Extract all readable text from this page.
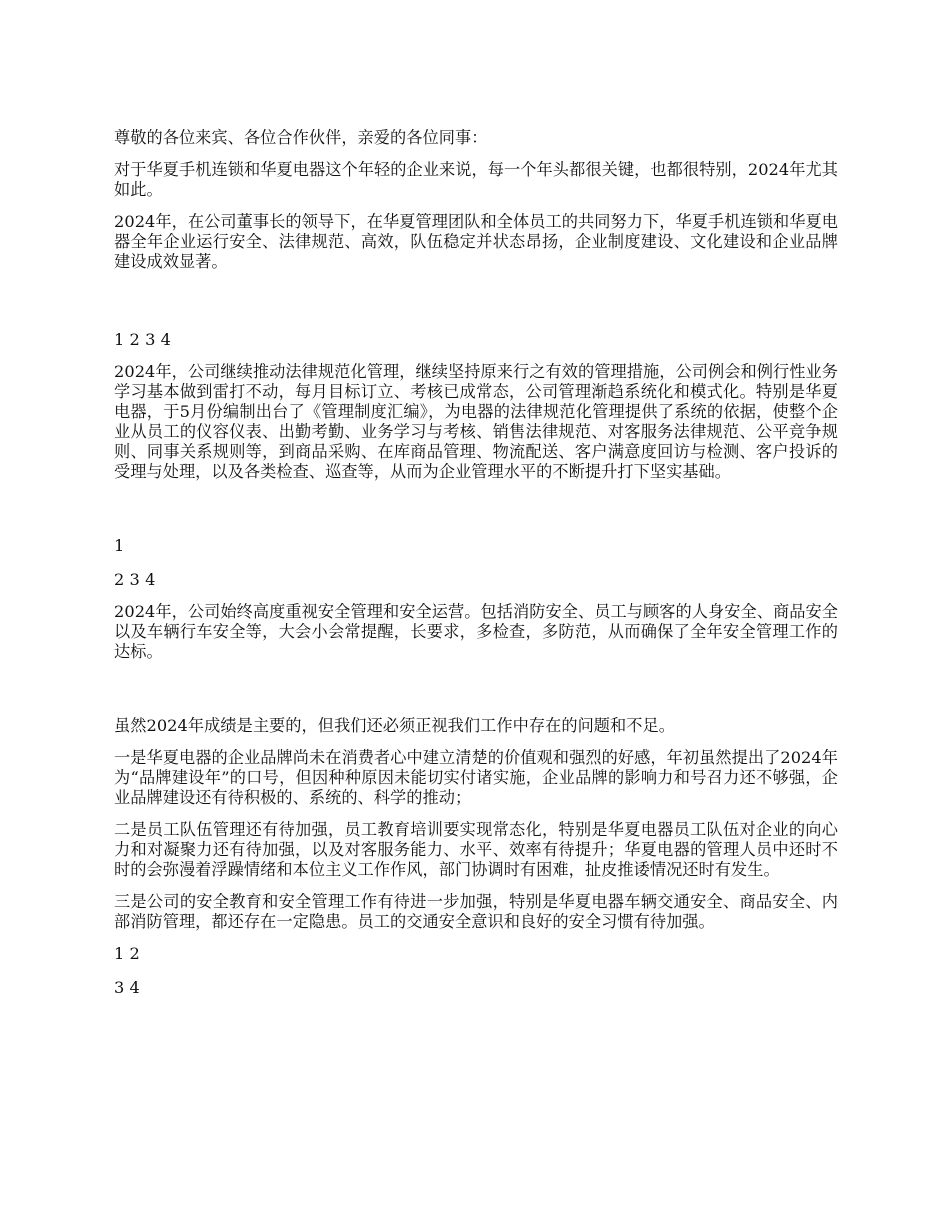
尊敬的各位来宾、各位合作伙伴，亲爱的各位同事：

对于华夏手机连锁和华夏电器这个年轻的企业来说，每一个年头都很关键，也都很特别，2024年尤其如此。

2024年，在公司董事长的领导下，在华夏管理团队和全体员工的共同努力下，华夏手机连锁和华夏电器全年企业运行安全、法律规范、高效，队伍稳定并状态昂扬，企业制度建设、文化建设和企业品牌建设成效显著。

1 2 3 4

2024年，公司继续推动法律规范化管理，继续坚持原来行之有效的管理措施，公司例会和例行性业务学习基本做到雷打不动，每月目标订立、考核已成常态，公司管理渐趋系统化和模式化。特别是华夏电器，于5月份编制出台了《管理制度汇编》，为电器的法律规范化管理提供了系统的依据，使整个企业从员工的仪容仪表、出勤考勤、业务学习与考核、销售法律规范、对客服务法律规范、公平竞争规则、同事关系规则等，到商品采购、在库商品管理、物流配送、客户满意度回访与检测、客户投诉的受理与处理，以及各类检查、巡查等，从而为企业管理水平的不断提升打下坚实基础。

1

2 3 4

2024年，公司始终高度重视安全管理和安全运营。包括消防安全、员工与顾客的人身安全、商品安全以及车辆行车安全等，大会小会常提醒，长要求，多检查，多防范，从而确保了全年安全管理工作的达标。

虽然2024年成绩是主要的，但我们还必须正视我们工作中存在的问题和不足。

一是华夏电器的企业品牌尚未在消费者心中建立清楚的价值观和强烈的好感，年初虽然提出了2024年为“品牌建设年”的口号，但因种种原因未能切实付诸实施，企业品牌的影响力和号召力还不够强，企业品牌建设还有待积极的、系统的、科学的推动；

二是员工队伍管理还有待加强，员工教育培训要实现常态化，特别是华夏电器员工队伍对企业的向心力和对凝聚力还有待加强，以及对客服务能力、水平、效率有待提升；华夏电器的管理人员中还时不时的会弥漫着浮躁情绪和本位主义工作作风，部门协调时有困难，扯皮推诿情况还时有发生。

三是公司的安全教育和安全管理工作有待进一步加强，特别是华夏电器车辆交通安全、商品安全、内部消防管理，都还存在一定隐患。员工的交通安全意识和良好的安全习惯有待加强。

1 2

3 4
